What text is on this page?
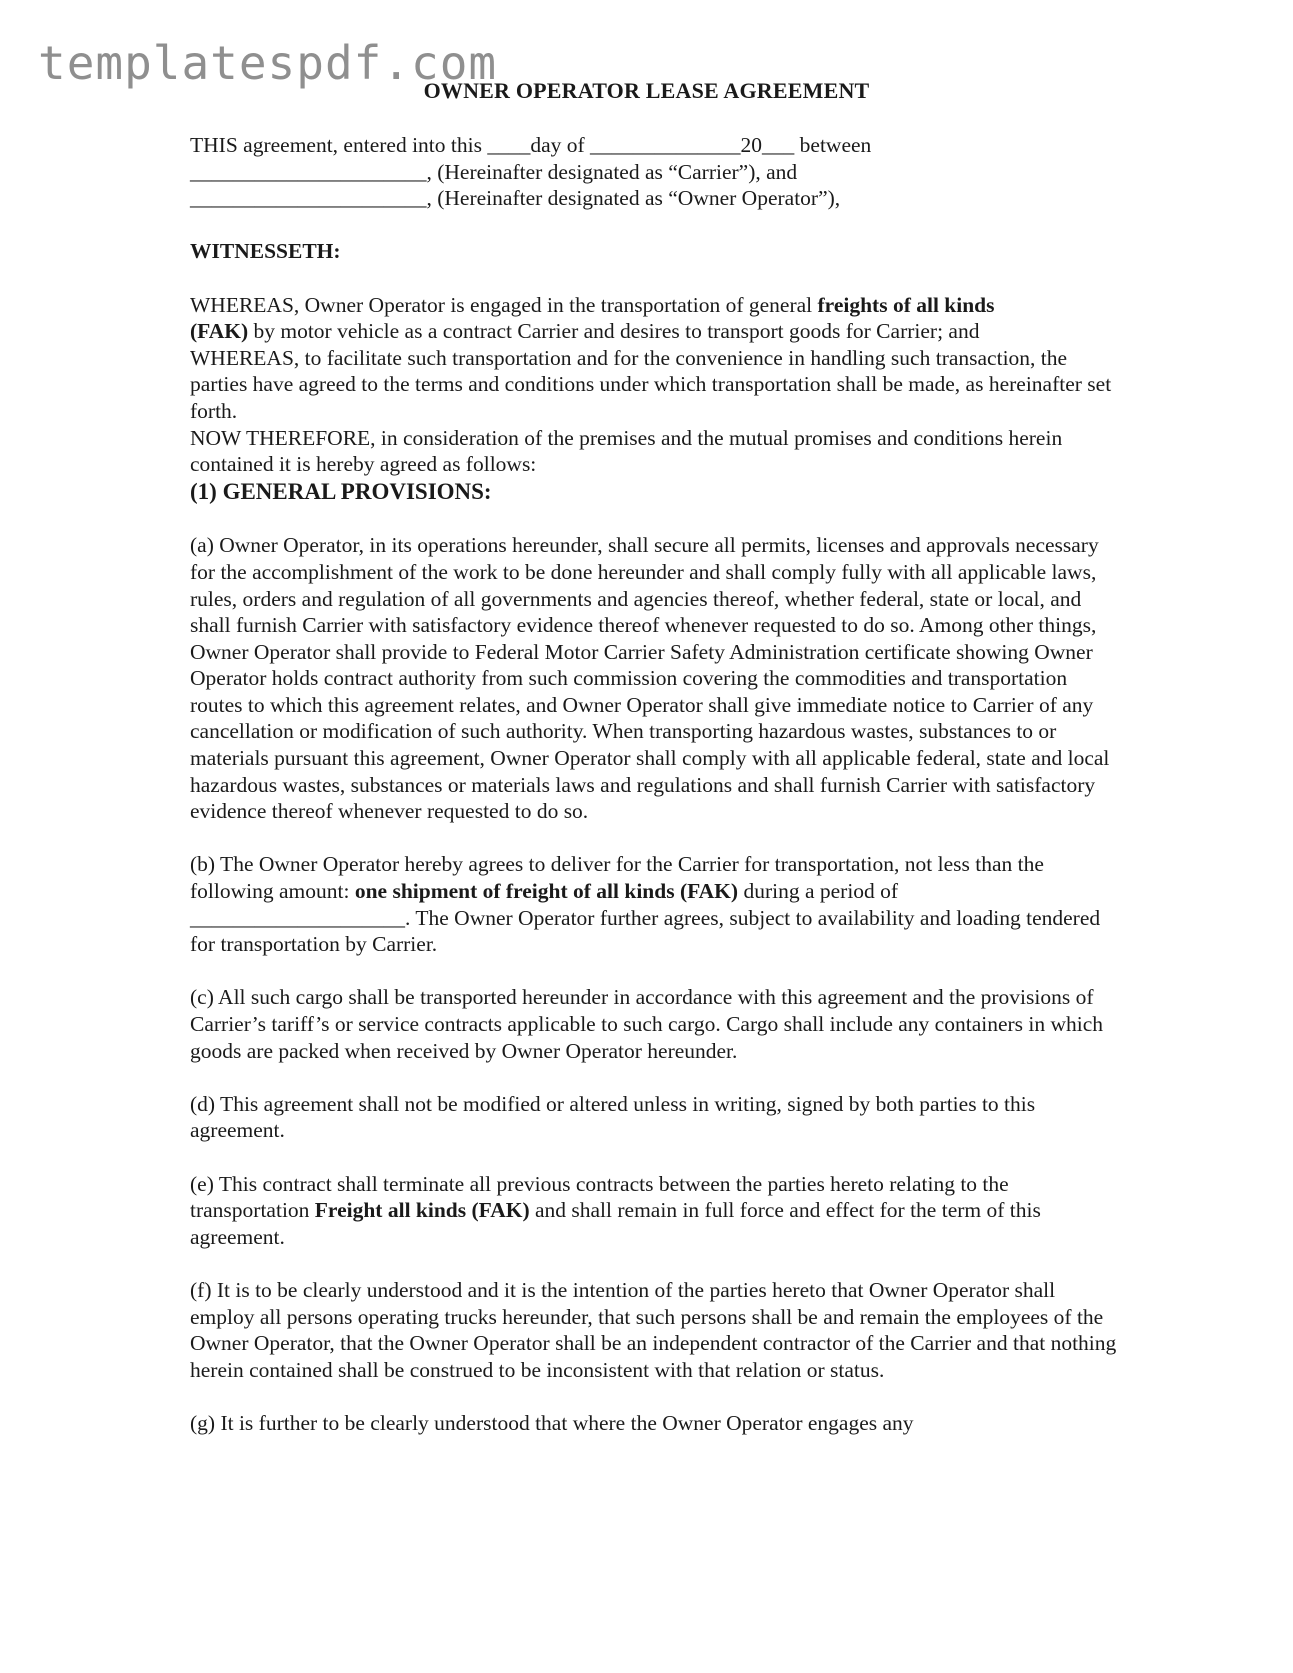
templatespdf.com
OWNER OPERATOR LEASE AGREEMENT

THIS agreement, entered into this ____day of ______________20___ between

______________________, (Hereinafter designated as “Carrier”), and

______________________, (Hereinafter designated as “Owner Operator”),

WITNESSETH:

WHEREAS, Owner Operator is engaged in the transportation of general freights of all kinds
(FAK) by motor vehicle as a contract Carrier and desires to transport goods for Carrier; and

WHEREAS, to facilitate such transportation and for the convenience in handling such transaction, the parties have agreed to the terms and conditions under which transportation shall be made, as hereinafter set forth.

NOW THEREFORE, in consideration of the premises and the mutual promises and conditions herein contained it is hereby agreed as follows:

(1) GENERAL PROVISIONS:

(a) Owner Operator, in its operations hereunder, shall secure all permits, licenses and approvals necessary for the accomplishment of the work to be done hereunder and shall comply fully with all applicable laws, rules, orders and regulation of all governments and agencies thereof, whether federal, state or local, and shall furnish Carrier with satisfactory evidence thereof whenever requested to do so. Among other things, Owner Operator shall provide to Federal Motor Carrier Safety Administration certificate showing Owner Operator holds contract authority from such commission covering the commodities and transportation routes to which this agreement relates, and Owner Operator shall give immediate notice to Carrier of any cancellation or modification of such authority. When transporting hazardous wastes, substances to or materials pursuant this agreement, Owner Operator shall comply with all applicable federal, state and local hazardous wastes, substances or materials laws and regulations and shall furnish Carrier with satisfactory evidence thereof whenever requested to do so.

(b) The Owner Operator hereby agrees to deliver for the Carrier for transportation, not less than the following amount: one shipment of freight of all kinds (FAK) during a period of ____________________. The Owner Operator further agrees, subject to availability and loading tendered for transportation by Carrier.

(c) All such cargo shall be transported hereunder in accordance with this agreement and the provisions of Carrier’s tariff’s or service contracts applicable to such cargo. Cargo shall include any containers in which goods are packed when received by Owner Operator hereunder.

(d) This agreement shall not be modified or altered unless in writing, signed by both parties to this agreement.

(e) This contract shall terminate all previous contracts between the parties hereto relating to the transportation Freight all kinds (FAK) and shall remain in full force and effect for the term of this agreement.

(f) It is to be clearly understood and it is the intention of the parties hereto that Owner Operator shall employ all persons operating trucks hereunder, that such persons shall be and remain the employees of the Owner Operator, that the Owner Operator shall be an independent contractor of the Carrier and that nothing herein contained shall be construed to be inconsistent with that relation or status.

(g) It is further to be clearly understood that where the Owner Operator engages any
